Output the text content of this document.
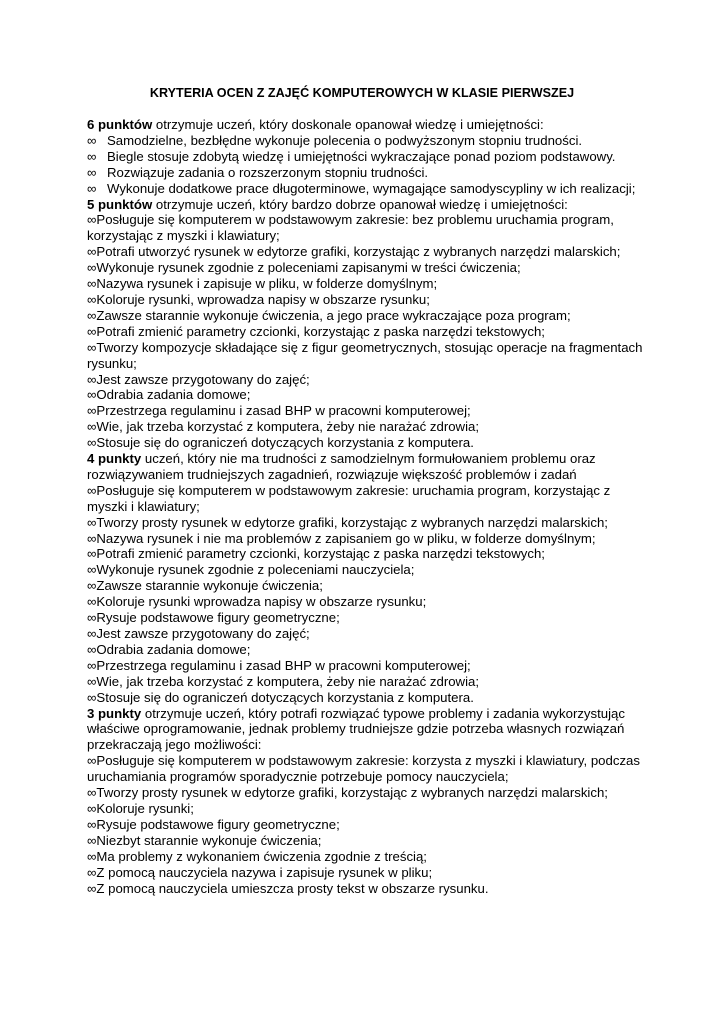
KRYTERIA OCEN Z ZAJĘĆ KOMPUTEROWYCH W KLASIE PIERWSZEJ

6 punktów otrzymuje uczeń, który doskonale opanował wiedzę i umiejętności:

∞ Samodzielne, bezbłędne wykonuje polecenia o podwyższonym stopniu trudności.
∞ Biegle stosuje zdobytą wiedzę i umiejętności wykraczające ponad poziom podstawowy.
∞ Rozwiązuje zadania o rozszerzonym stopniu trudności.
∞ Wykonuje dodatkowe prace długoterminowe, wymagające samodyscypliny w ich realizacji;

5 punktów otrzymuje uczeń, który bardzo dobrze opanował wiedzę i umiejętności:

∞Posługuje się komputerem w podstawowym zakresie: bez problemu uruchamia program, korzystając z myszki i klawiatury;

∞Potrafi utworzyć rysunek w edytorze grafiki, korzystając z wybranych narzędzi malarskich;

∞Wykonuje rysunek zgodnie z poleceniami zapisanymi w treści ćwiczenia;

∞Nazywa rysunek i zapisuje w pliku, w folderze domyślnym;

∞Koloruje rysunki, wprowadza napisy w obszarze rysunku;

∞Zawsze starannie wykonuje ćwiczenia, a jego prace wykraczające poza program;

∞Potrafi zmienić parametry czcionki, korzystając z paska narzędzi tekstowych;

∞Tworzy kompozycje składające się z figur geometrycznych, stosując operacje na fragmentach rysunku;

∞Jest zawsze przygotowany do zajęć;

∞Odrabia zadania domowe;

∞Przestrzega regulaminu i zasad BHP w pracowni komputerowej;

∞Wie, jak trzeba korzystać z komputera, żeby nie narażać zdrowia;

∞Stosuje się do ograniczeń dotyczących korzystania z komputera.

4 punkty uczeń, który nie ma trudności z samodzielnym formułowaniem problemu oraz rozwiązywaniem trudniejszych zagadnień, rozwiązuje większość problemów i zadań

∞Posługuje się komputerem w podstawowym zakresie: uruchamia program, korzystając z myszki i klawiatury;

∞Tworzy prosty rysunek w edytorze grafiki, korzystając z wybranych narzędzi malarskich;

∞Nazywa rysunek i nie ma problemów z zapisaniem go w pliku, w folderze domyślnym;

∞Potrafi zmienić parametry czcionki, korzystając z paska narzędzi tekstowych;

∞Wykonuje rysunek zgodnie z poleceniami nauczyciela;

∞Zawsze starannie wykonuje ćwiczenia;

∞Koloruje rysunki wprowadza napisy w obszarze rysunku;

∞Rysuje podstawowe figury geometryczne;

∞Jest zawsze przygotowany do zajęć;

∞Odrabia zadania domowe;

∞Przestrzega regulaminu i zasad BHP w pracowni komputerowej;

∞Wie, jak trzeba korzystać z komputera, żeby nie narażać zdrowia;

∞Stosuje się do ograniczeń dotyczących korzystania z komputera.

3 punkty otrzymuje uczeń, który potrafi rozwiązać typowe problemy i zadania wykorzystując właściwe oprogramowanie, jednak problemy trudniejsze gdzie potrzeba własnych rozwiązań przekraczają jego możliwości:

∞Posługuje się komputerem w podstawowym zakresie: korzysta z myszki i klawiatury, podczas uruchamiania programów sporadycznie potrzebuje pomocy nauczyciela;

∞Tworzy prosty rysunek w edytorze grafiki, korzystając z wybranych narzędzi malarskich;

∞Koloruje rysunki;

∞Rysuje podstawowe figury geometryczne;

∞Niezbyt starannie wykonuje ćwiczenia;

∞Ma problemy z wykonaniem ćwiczenia zgodnie z treścią;

∞Z pomocą nauczyciela nazywa i zapisuje rysunek w pliku;

∞Z pomocą nauczyciela umieszcza prosty tekst w obszarze rysunku.
